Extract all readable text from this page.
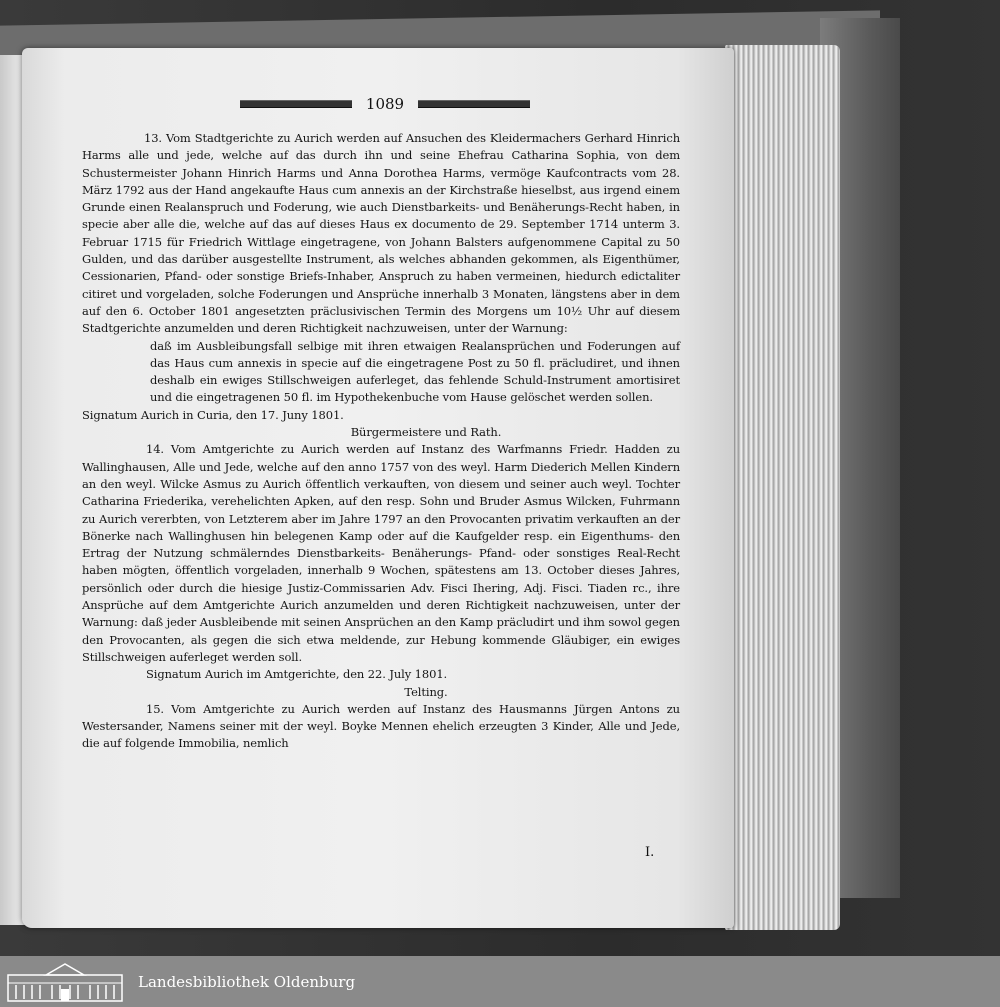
1089

13. Vom Stadtgerichte zu Aurich werden auf Ansuchen des Kleidermachers Gerhard Hinrich Harms alle und jede, welche auf das durch ihn und seine Ehefrau Catharina Sophia, von dem Schustermeister Johann Hinrich Harms und Anna Dorothea Harms, vermöge Kaufcontracts vom 28. März 1792 aus der Hand angekaufte Haus cum annexis an der Kirchstraße hieselbst, aus irgend einem Grunde einen Realanspruch und Foderung, wie auch Dienstbarkeits- und Benäherungs-Recht haben, in specie aber alle die, welche auf das auf dieses Haus ex documento de 29. September 1714 unterm 3. Februar 1715 für Friedrich Wittlage eingetragene, von Johann Balsters aufgenommene Capital zu 50 Gulden, und das darüber ausgestellte Instrument, als welches abhanden gekommen, als Eigenthümer, Cessionarien, Pfand- oder sonstige Briefs-Inhaber, Anspruch zu haben vermeinen, hiedurch edictaliter citiret und vorgeladen, solche Foderungen und Ansprüche innerhalb 3 Monaten, längstens aber in dem auf den 6. October 1801 angesetzten präclusivischen Termin des Morgens um 10½ Uhr auf diesem Stadtgerichte anzumelden und deren Richtigkeit nachzuweisen, unter der Warnung:

daß im Ausbleibungsfall selbige mit ihren etwaigen Realansprüchen und Foderungen auf das Haus cum annexis in specie auf die eingetragene Post zu 50 fl. präcludiret, und ihnen deshalb ein ewiges Stillschweigen auferleget, das fehlende Schuld-Instrument amortisiret und die eingetragenen 50 fl. im Hypothekenbuche vom Hause gelöschet werden sollen.

Signatum Aurich in Curia, den 17. Juny 1801.

Bürgermeistere und Rath.

14. Vom Amtgerichte zu Aurich werden auf Instanz des Warfmanns Friedr. Hadden zu Wallinghausen, Alle und Jede, welche auf den anno 1757 von des weyl. Harm Diederich Mellen Kindern an den weyl. Wilcke Asmus zu Aurich öffentlich verkauften, von diesem und seiner auch weyl. Tochter Catharina Friederika, verehelichten Apken, auf den resp. Sohn und Bruder Asmus Wilcken, Fuhrmann zu Aurich vererbten, von Letzterem aber im Jahre 1797 an den Provocanten privatim verkauften an der Bönerke nach Wallinghusen hin belegenen Kamp oder auf die Kaufgelder resp. ein Eigenthums- den Ertrag der Nutzung schmälerndes Dienstbarkeits- Benäherungs- Pfand- oder sonstiges Real-Recht haben mögten, öffentlich vorgeladen, innerhalb 9 Wochen, spätestens am 13. October dieses Jahres, persönlich oder durch die hiesige Justiz-Commissarien Adv. Fisci Ihering, Adj. Fisci. Tiaden rc., ihre Ansprüche auf dem Amtgerichte Aurich anzumelden und deren Richtigkeit nachzuweisen, unter der Warnung: daß jeder Ausbleibende mit seinen Ansprüchen an den Kamp präcludirt und ihm sowol gegen den Provocanten, als gegen die sich etwa meldende, zur Hebung kommende Gläubiger, ein ewiges Stillschweigen auferleget werden soll.

Signatum Aurich im Amtgerichte, den 22. July 1801.

Telting.

15. Vom Amtgerichte zu Aurich werden auf Instanz des Hausmanns Jürgen Antons zu Westersander, Namens seiner mit der weyl. Boyke Mennen ehelich erzeugten 3 Kinder, Alle und Jede, die auf folgende Immobilia, nemlich

I.
Landesbibliothek Oldenburg
